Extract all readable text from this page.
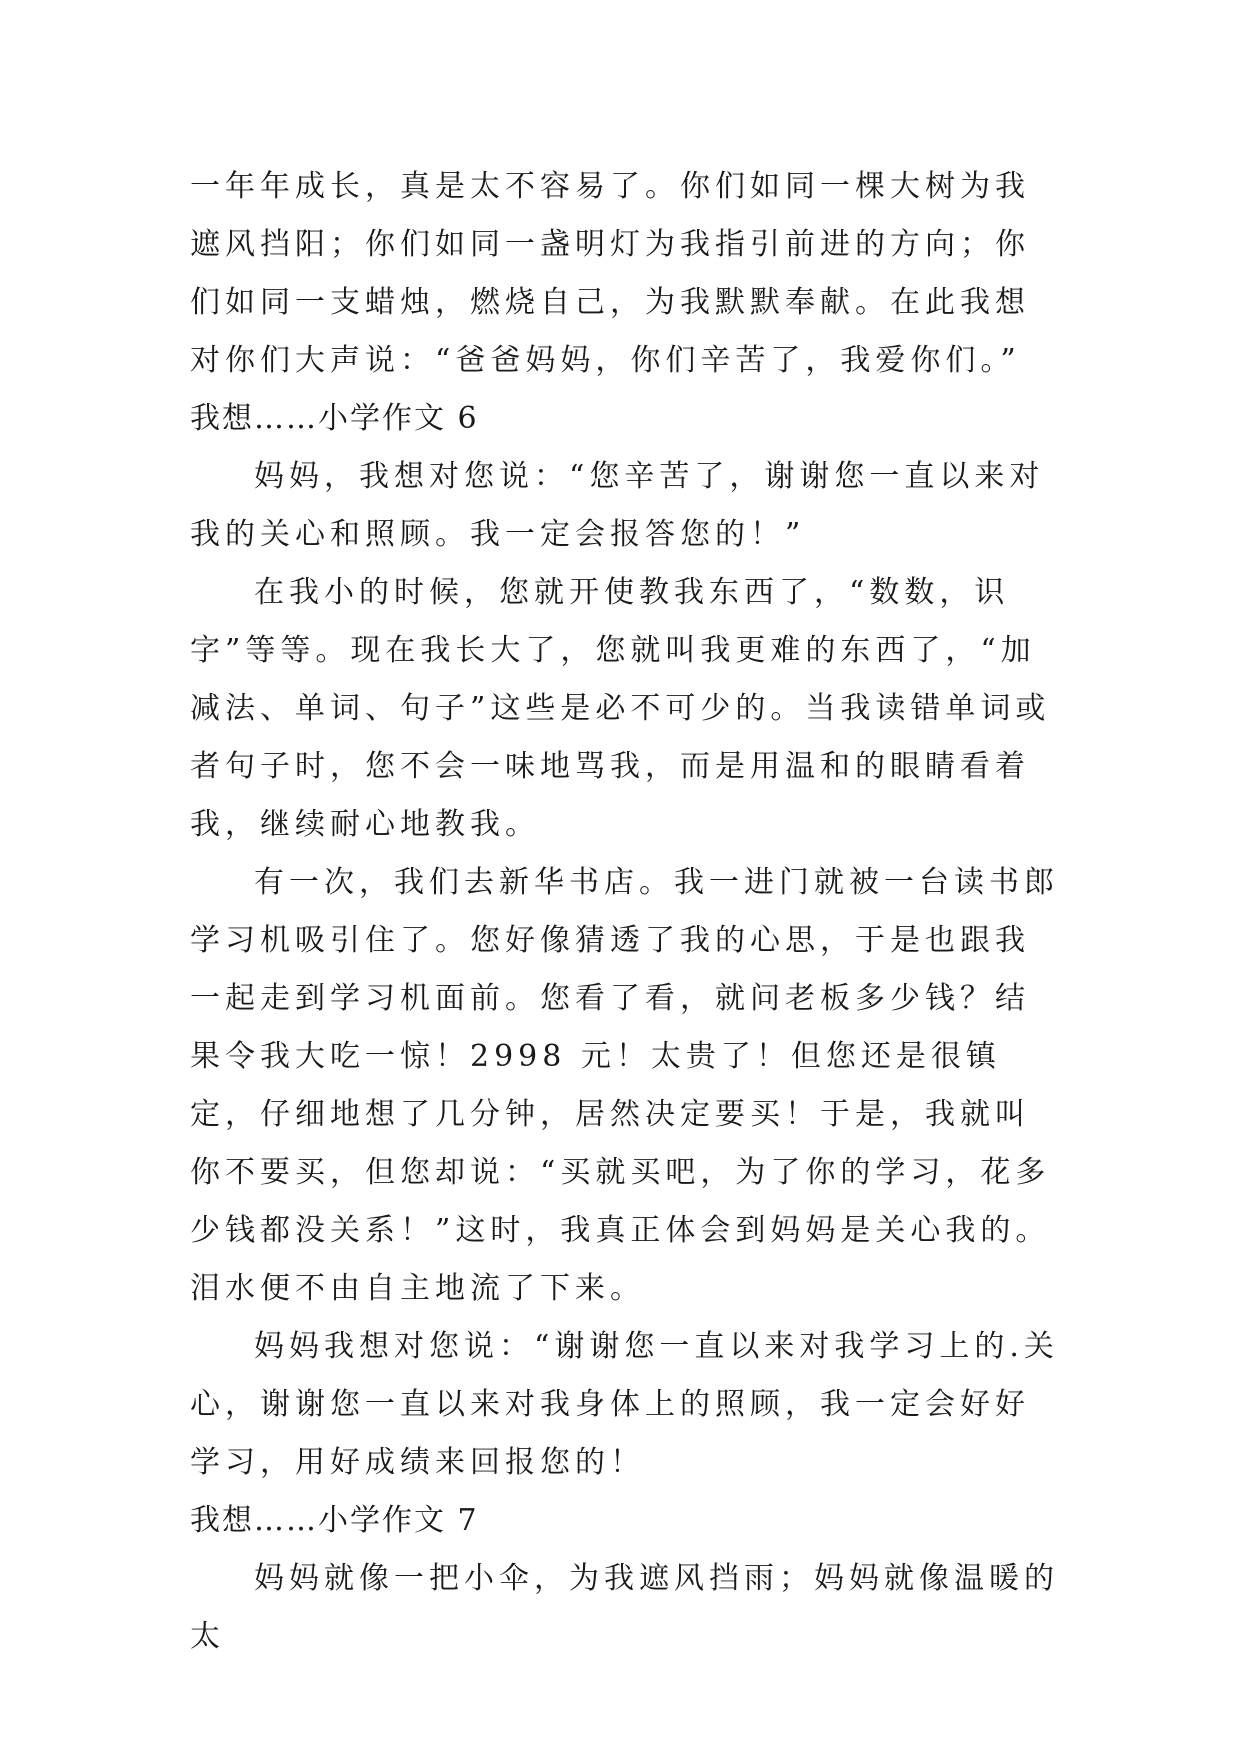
一年年成长，真是太不容易了。你们如同一棵大树为我遮风挡阳；你们如同一盏明灯为我指引前进的方向；你们如同一支蜡烛，燃烧自己，为我默默奉献。在此我想对你们大声说：“爸爸妈妈，你们辛苦了，我爱你们。”

我想……小学作文 6

妈妈，我想对您说：“您辛苦了，谢谢您一直以来对我的关心和照顾。我一定会报答您的！”

在我小的时候，您就开使教我东西了，“数数，识字”等等。现在我长大了，您就叫我更难的东西了，“加减法、单词、句子”这些是必不可少的。当我读错单词或者句子时，您不会一味地骂我，而是用温和的眼睛看着我，继续耐心地教我。

有一次，我们去新华书店。我一进门就被一台读书郎学习机吸引住了。您好像猜透了我的心思，于是也跟我一起走到学习机面前。您看了看，就问老板多少钱？结果令我大吃一惊！2998 元！太贵了！但您还是很镇定，仔细地想了几分钟，居然决定要买！于是，我就叫你不要买，但您却说：“买就买吧，为了你的学习，花多少钱都没关系！”这时，我真正体会到妈妈是关心我的。泪水便不由自主地流了下来。

妈妈我想对您说：“谢谢您一直以来对我学习上的.关心，谢谢您一直以来对我身体上的照顾，我一定会好好学习，用好成绩来回报您的！

我想……小学作文 7

妈妈就像一把小伞，为我遮风挡雨；妈妈就像温暖的太
